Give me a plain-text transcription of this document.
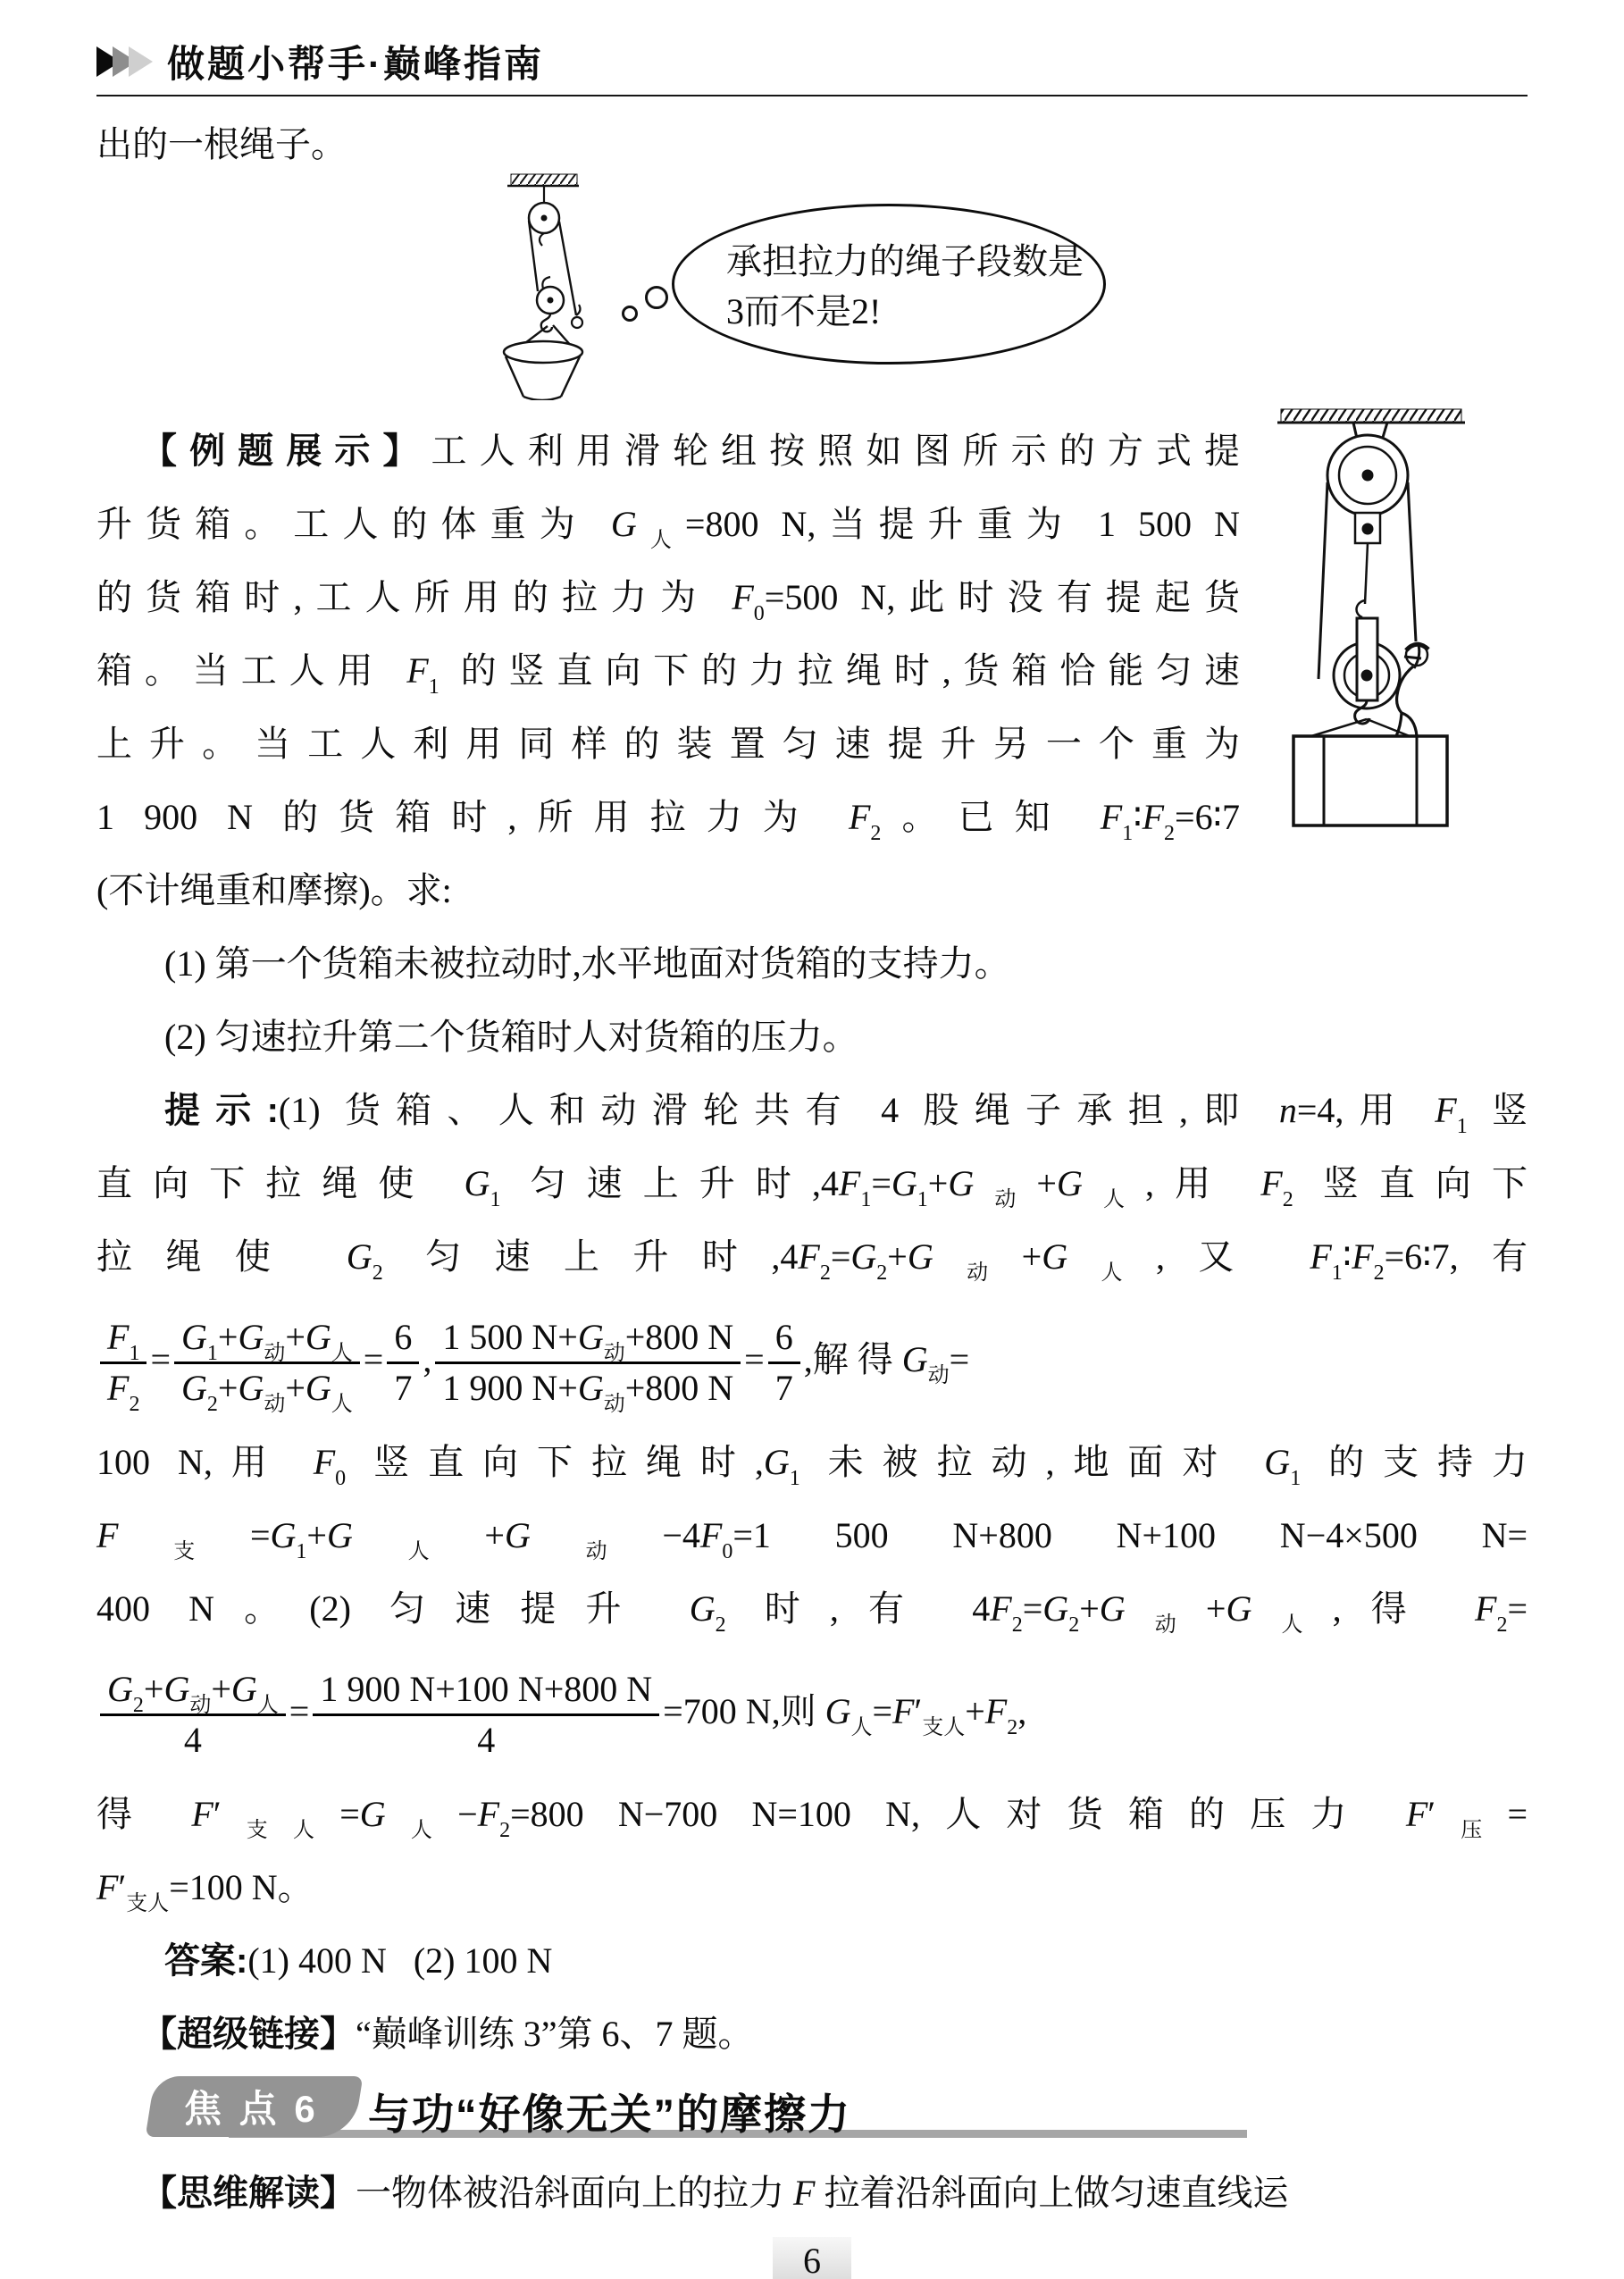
做题小帮手·巅峰指南
出的一根绳子。
承担拉力的绳子段数是
3而不是2!
【例题展示】工人利用滑轮组按照如图所示的方式提
升货箱。工人的体重为 $G_人=800$ N,当提升重为 1 500 N
的货箱时,工人所用的拉力为 $F_0=500$ N,此时没有提起货
箱。当工人用 $F_1$ 的竖直向下的力拉绳时,货箱恰能匀速
上升。当工人利用同样的装置匀速提升另一个重为
1 900 N 的货箱时,所用拉力为 $F_2$。已知 $F_1∶F_2=6∶7$
(不计绳重和摩擦)。求:
(1) 第一个货箱未被拉动时,水平地面对货箱的支持力。
(2) 匀速拉升第二个货箱时人对货箱的压力。
提示:(1) 货箱、人和动滑轮共有 4 股绳子承担,即 n=4,用 $F_1$ 竖
直向下拉绳使 $G_1$ 匀速上升时$,4F_1=G_1+G_动+G_人$,用 $F_2$ 竖直向下
拉绳使 $G_2$ 匀速上升时$,4F_2=G_2+G_动+G_人$,又 $F_1∶F_2=6∶7$,有
$\frac{F_1}{F_2}$ =
$G_1+G_动+G_人$
$G_2+G_动+G_人$
= $\frac{6}{7}$ ,
1 500 $N+G_动+800$ N
1 900 $N+G_动+800$ N
= $\frac{6}{7}$ ,解 得 $G_动=$
100 N,用 $F_0$ 竖直向下拉绳时$,G_1$ 未被拉动,地面对 $G_1$ 的支持力
$F_支=G_1+G_人+G_动-4F_0=1$ 500 N+800 N+100 N−4×500 N=
400 N。(2) 匀速提升 $G_2$ 时,有 $4F_2=G_2+G_动+G_人$,得 $F_2=$
$G_2+G_动+G_人$
4
= $\frac{1 900 N+100 N+800 N}{4} =700$ N,则 $G_人=F'_{支人}+F_2$,
得 $F'_{支人}=G_人-F_2=800$ N−700 N=100 N,人对货箱的压力 $F'_压=$
$F'_{支人}=100$ N。
答案:(1) 400 N   (2) 100 N
【超级链接】“巅峰训练 3”第 6、7 题。
焦 点 6 与功“好像无关”的摩擦力
【思维解读】一物体被沿斜面向上的拉力 F 拉着沿斜面向上做匀速直线运
6
